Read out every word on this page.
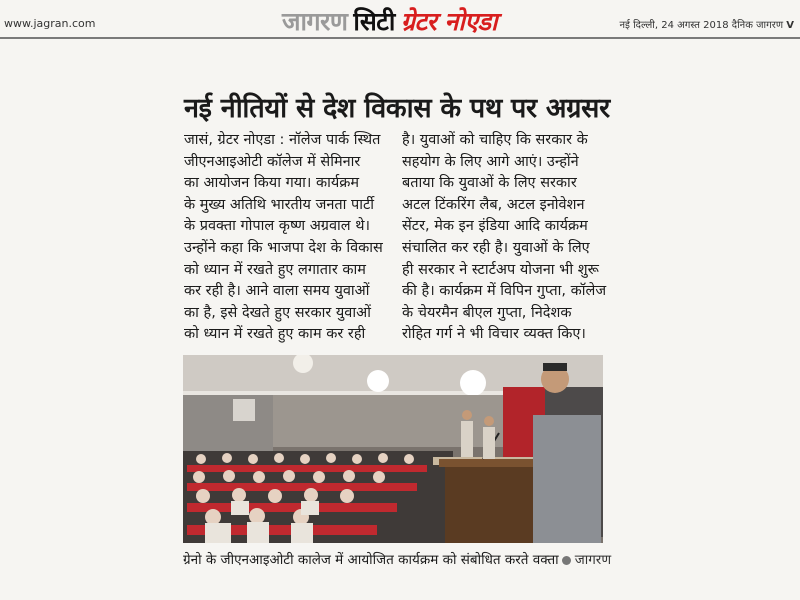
www.jagran.com	जागरण सिटी ग्रेटर नोएडा	नई दिल्ली, 24 अगस्त 2018 दैनिक जागरण V
नई नीतियों से देश विकास के पथ पर अग्रसर

जासं, ग्रेटर नोएडा : नॉलेज पार्क स्थित

जीएनआइओटी कॉलेज में सेमिनार

का आयोजन किया गया। कार्यक्रम

के मुख्य अतिथि भारतीय जनता पार्टी

के प्रवक्ता गोपाल कृष्ण अग्रवाल थे।

उन्होंने कहा कि भाजपा देश के विकास

को ध्यान में रखते हुए लगातार काम

कर रही है। आने वाला समय युवाओं

का है, इसे देखते हुए सरकार युवाओं

को ध्यान में रखते हुए काम कर रही

है। युवाओं को चाहिए कि सरकार के

सहयोग के लिए आगे आएं। उन्होंने

बताया कि युवाओं के लिए सरकार

अटल टिंकरिंग लैब, अटल इनोवेशन

सेंटर, मेक इन इंडिया आदि कार्यक्रम

संचालित कर रही है। युवाओं के लिए

ही सरकार ने स्टार्टअप योजना भी शुरू

की है। कार्यक्रम में विपिन गुप्ता, कॉलेज

के चेयरमैन बीएल गुप्ता, निदेशक

रोहित गर्ग ने भी विचार व्यक्त किए।

ग्रेनो के जीएनआइओटी कालेज में आयोजित कार्यक्रम को संबोधित करते वक्ता जागरण
